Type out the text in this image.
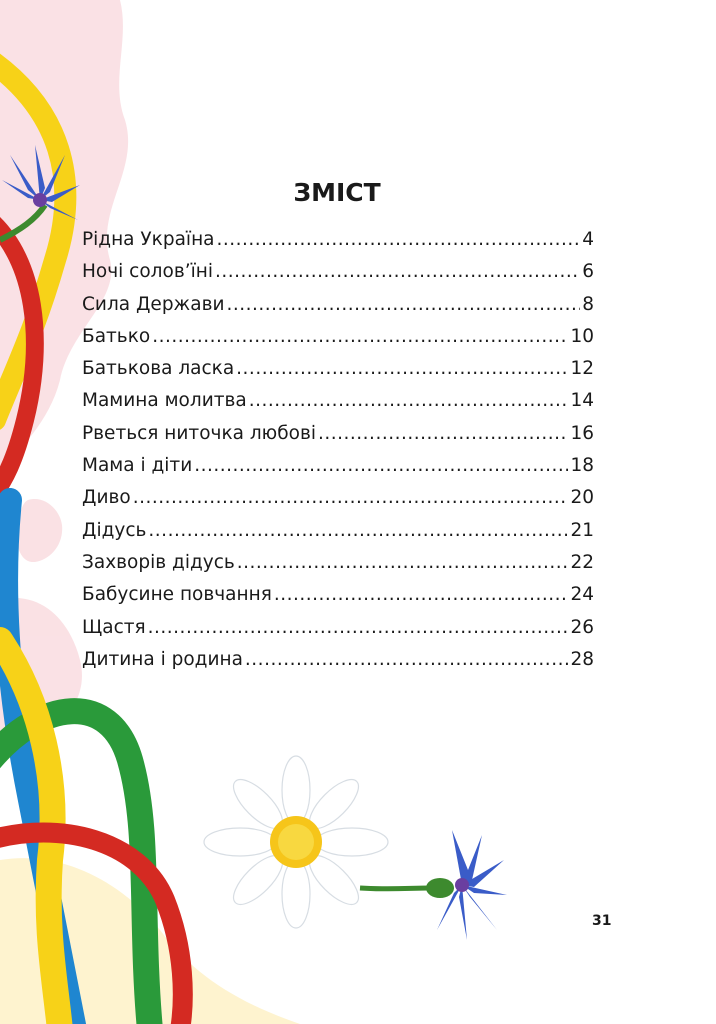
ЗМІСТ
Рідна Україна .....	4
Ночі солов’їні .....	6
Сила Держави .....	8
Батько .....	10
Батькова ласка .....	12
Мамина молитва .....	14
Рветься ниточка любові .....	16
Мама і діти .....	18
Диво .....	20
Дідусь .....	21
Захворів дідусь .....	22
Бабусине повчання .....	24
Щастя .....	26
Дитина і родина .....	28
31
